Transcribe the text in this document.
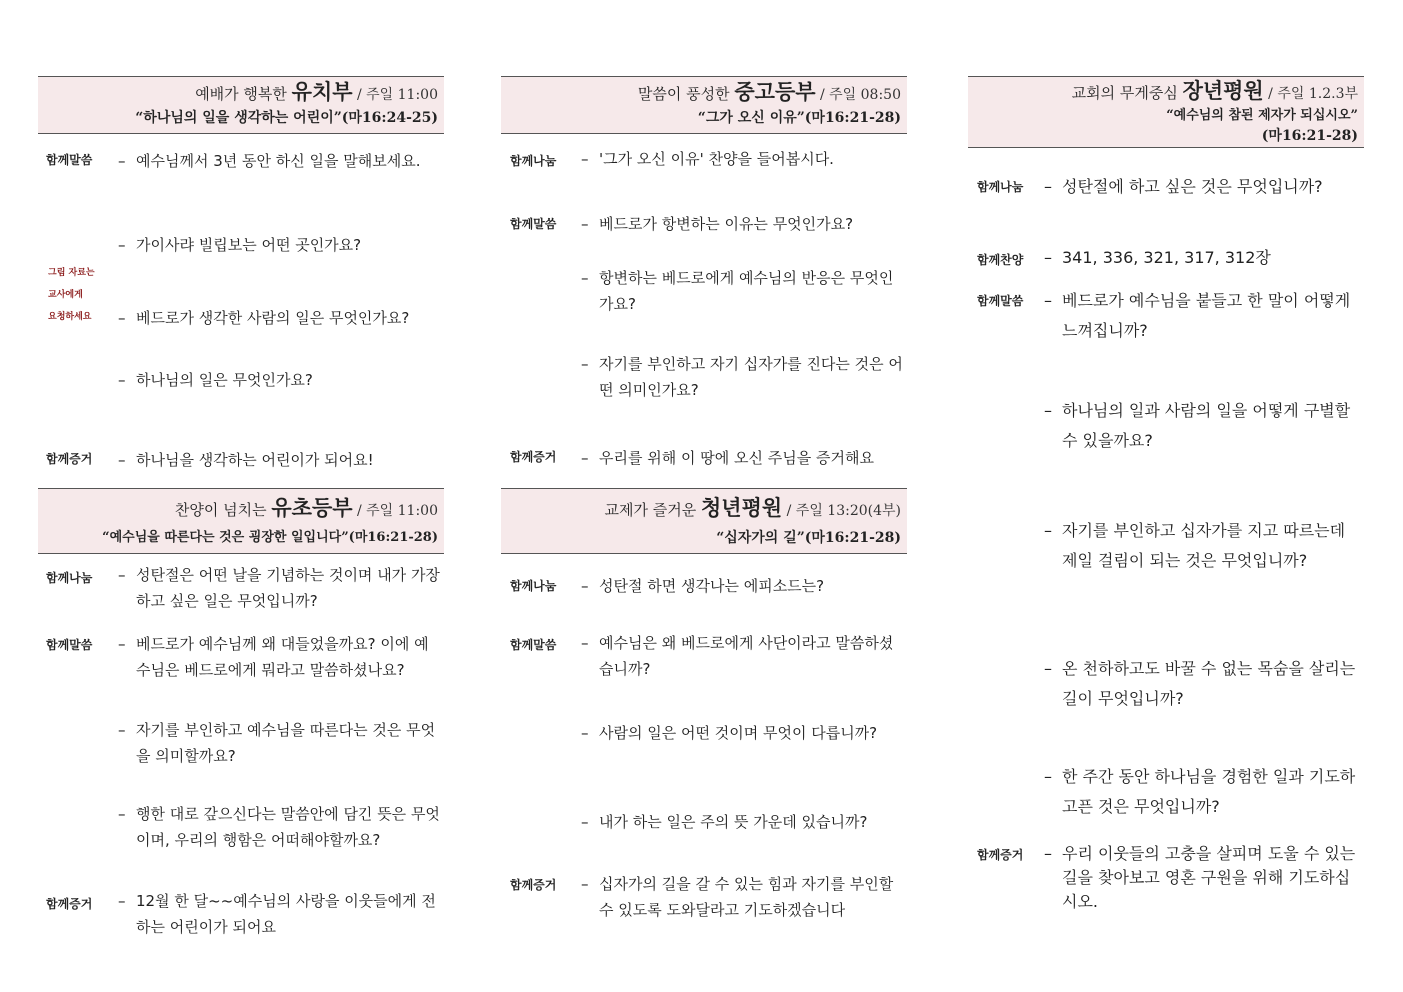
예배가 행복한 유치부 / 주일 11:00
“하나님의 일을 생각하는 어린이”(마16:24-25)
함께말씀 – 예수님께서 3년 동안 하신 일을 말해보세요.
– 가이사랴 빌립보는 어떤 곳인가요?
그림 자료는
교사에게
요청하세요 – 베드로가 생각한 사람의 일은 무엇인가요?
– 하나님의 일은 무엇인가요?
함께증거 – 하나님을 생각하는 어린이가 되어요!
찬양이 넘치는 유초등부 / 주일 11:00
“예수님을 따른다는 것은 굉장한 일입니다”(마16:21-28)
함께나눔 – 성탄절은 어떤 날을 기념하는 것이며 내가 가장 하고 싶은 일은 무엇입니까?
함께말씀 – 베드로가 예수님께 왜 대들었을까요? 이에 예수님은 베드로에게 뭐라고 말씀하셨나요?
– 자기를 부인하고 예수님을 따른다는 것은 무엇을 의미할까요?
– 행한 대로 갚으신다는 말씀안에 담긴 뜻은 무엇이며, 우리의 행함은 어떠해야할까요?
함께증거 – 12월 한 달~~예수님의 사랑을 이웃들에게 전하는 어린이가 되어요
말씀이 풍성한 중고등부 / 주일 08:50
“그가 오신 이유”(마16:21-28)
함께나눔 – '그가 오신 이유' 찬양을 들어봅시다.
함께말씀 – 베드로가 항변하는 이유는 무엇인가요?
– 항변하는 베드로에게 예수님의 반응은 무엇인가요?
– 자기를 부인하고 자기 십자가를 진다는 것은 어떤 의미인가요?
함께증거 – 우리를 위해 이 땅에 오신 주님을 증거해요
교제가 즐거운 청년평원 / 주일 13:20(4부)
“십자가의 길”(마16:21-28)
함께나눔 – 성탄절 하면 생각나는 에피소드는?
함께말씀 – 예수님은 왜 베드로에게 사단이라고 말씀하셨습니까?
– 사람의 일은 어떤 것이며 무엇이 다릅니까?
– 내가 하는 일은 주의 뜻 가운데 있습니까?
함께증거 – 십자가의 길을 갈 수 있는 힘과 자기를 부인할 수 있도록 도와달라고 기도하겠습니다
교회의 무게중심 장년평원 / 주일 1.2.3부
“예수님의 참된 제자가 되십시오”
(마16:21-28)
함께나눔 – 성탄절에 하고 싶은 것은 무엇입니까?
함께찬양 – 341, 336, 321, 317, 312장
함께말씀 – 베드로가 예수님을 붙들고 한 말이 어떻게 느껴집니까?
– 하나님의 일과 사람의 일을 어떻게 구별할 수 있을까요?
– 자기를 부인하고 십자가를 지고 따르는데 제일 걸림이 되는 것은 무엇입니까?
– 온 천하하고도 바꿀 수 없는 목숨을 살리는 길이 무엇입니까?
– 한 주간 동안 하나님을 경험한 일과 기도하고픈 것은 무엇입니까?
함께증거 – 우리 이웃들의 고충을 살피며 도울 수 있는 길을 찾아보고 영혼 구원을 위해 기도하십시오.
